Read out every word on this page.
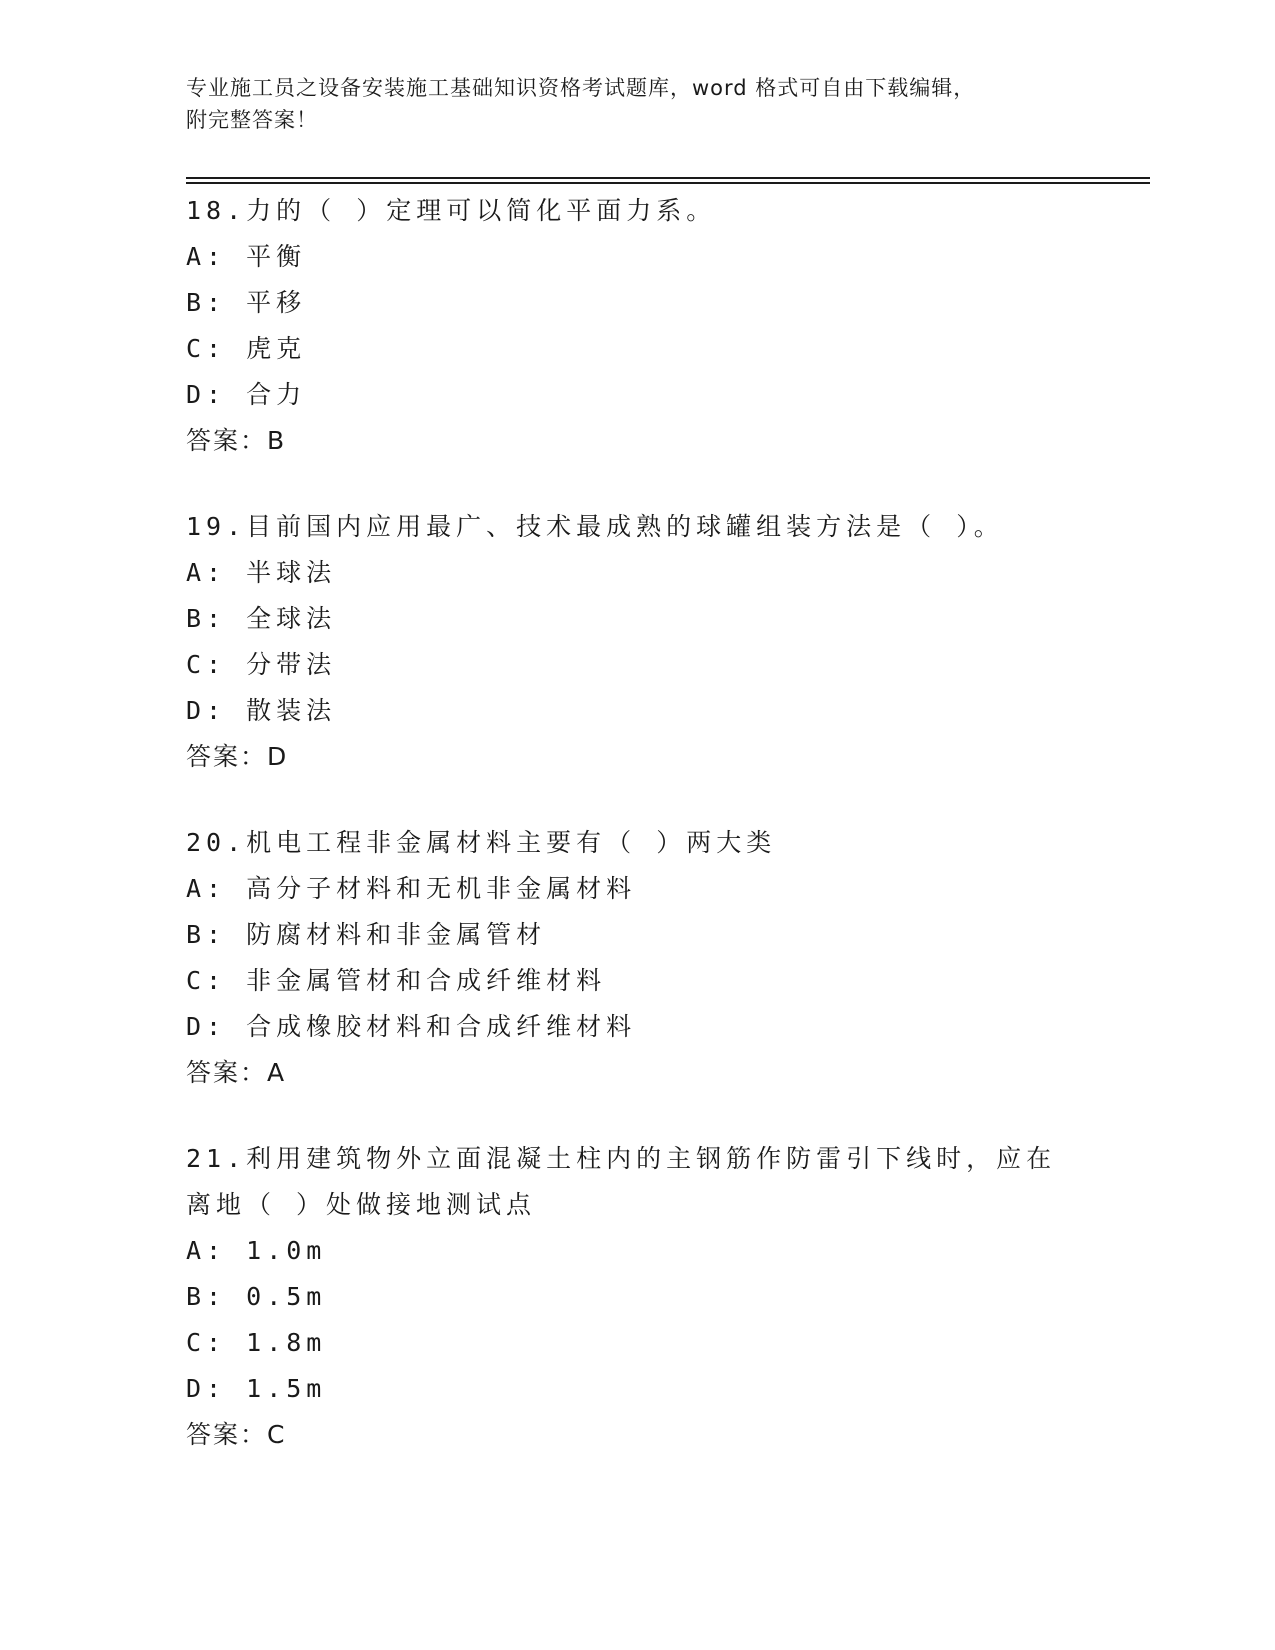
专业施工员之设备安装施工基础知识资格考试题库，word 格式可自由下载编辑，
附完整答案！

18.力的（ ）定理可以简化平面力系。

A: 平衡

B: 平移

C: 虎克

D: 合力

答案：B

19.目前国内应用最广、技术最成熟的球罐组装方法是（ ）。

A: 半球法

B: 全球法

C: 分带法

D: 散装法

答案：D

20.机电工程非金属材料主要有（ ）两大类

A: 高分子材料和无机非金属材料

B: 防腐材料和非金属管材

C: 非金属管材和合成纤维材料

D: 合成橡胶材料和合成纤维材料

答案：A

21.利用建筑物外立面混凝土柱内的主钢筋作防雷引下线时，应在离地（ ）处做接地测试点

A: 1.0m

B: 0.5m

C: 1.8m

D: 1.5m

答案：C
